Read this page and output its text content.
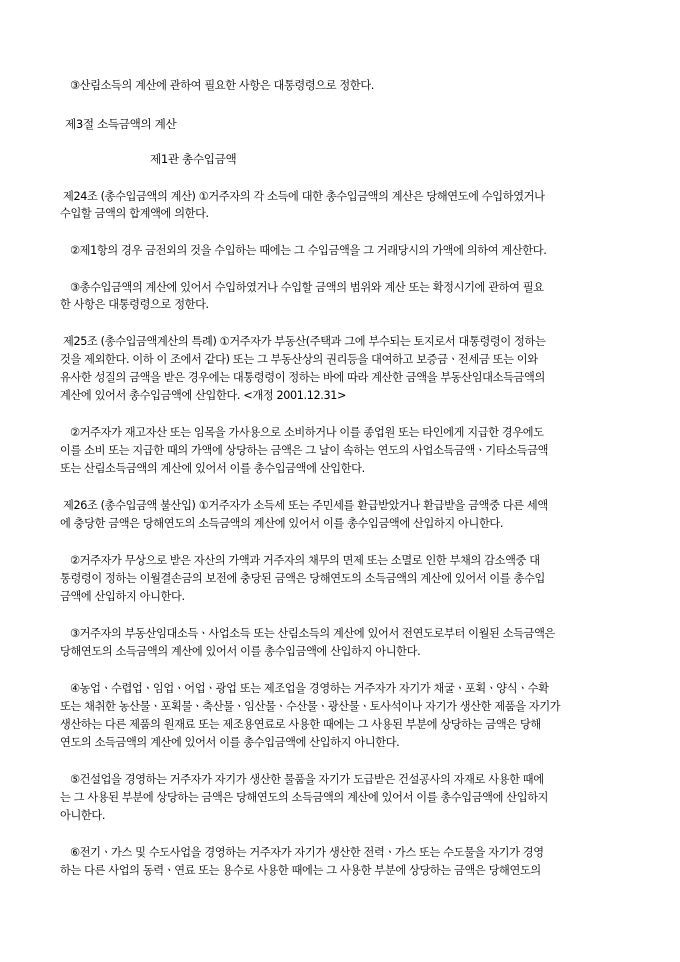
③산림소득의 계산에 관하여 필요한 사항은 대통령령으로 정한다.
제3절 소득금액의 계산
제1관 총수입금액
제24조 (총수입금액의 계산) ①거주자의 각 소득에 대한 총수입금액의 계산은 당해연도에 수입하였거나
수입할 금액의 합계액에 의한다.
②제1항의 경우 금전외의 것을 수입하는 때에는 그 수입금액을 그 거래당시의 가액에 의하여 계산한다.
③총수입금액의 계산에 있어서 수입하였거나 수입할 금액의 범위와 계산 또는 확정시기에 관하여 필요
한 사항은 대통령령으로 정한다.
제25조 (총수입금액계산의 특례) ①거주자가 부동산(주택과 그에 부수되는 토지로서 대통령령이 정하는
것을 제외한다. 이하 이 조에서 같다) 또는 그 부동산상의 권리등을 대여하고 보증금ㆍ전세금 또는 이와
유사한 성질의 금액을 받은 경우에는 대통령령이 정하는 바에 따라 계산한 금액을 부동산임대소득금액의
계산에 있어서 총수입금액에 산입한다. <개정 2001.12.31>
②거주자가 재고자산 또는 임목을 가사용으로 소비하거나 이를 종업원 또는 타인에게 지급한 경우에도
이를 소비 또는 지급한 때의 가액에 상당하는 금액은 그 날이 속하는 연도의 사업소득금액ㆍ기타소득금액
또는 산림소득금액의 계산에 있어서 이를 총수입금액에 산입한다.
제26조 (총수입금액 불산입) ①거주자가 소득세 또는 주민세를 환급받았거나 환급받을 금액중 다른 세액
에 충당한 금액은 당해연도의 소득금액의 계산에 있어서 이를 총수입금액에 산입하지 아니한다.
②거주자가 무상으로 받은 자산의 가액과 거주자의 채무의 면제 또는 소멸로 인한 부채의 감소액중 대
통령령이 정하는 이월결손금의 보전에 충당된 금액은 당해연도의 소득금액의 계산에 있어서 이를 총수입
금액에 산입하지 아니한다.
③거주자의 부동산임대소득ㆍ사업소득 또는 산림소득의 계산에 있어서 전연도로부터 이월된 소득금액은
당해연도의 소득금액의 계산에 있어서 이를 총수입금액에 산입하지 아니한다.
④농업ㆍ수렵업ㆍ임업ㆍ어업ㆍ광업 또는 제조업을 경영하는 거주자가 자기가 채굴ㆍ포획ㆍ양식ㆍ수확
또는 채취한 농산물ㆍ포획물ㆍ축산물ㆍ임산물ㆍ수산물ㆍ광산물ㆍ토사석이나 자기가 생산한 제품을 자기가
생산하는 다른 제품의 원재료 또는 제조용연료로 사용한 때에는 그 사용된 부분에 상당하는 금액은 당해
연도의 소득금액의 계산에 있어서 이를 총수입금액에 산입하지 아니한다.
⑤건설업을 경영하는 거주자가 자기가 생산한 물품을 자기가 도급받은 건설공사의 자재로 사용한 때에
는 그 사용된 부분에 상당하는 금액은 당해연도의 소득금액의 계산에 있어서 이를 총수입금액에 산입하지
아니한다.
⑥전기ㆍ가스 및 수도사업을 경영하는 거주자가 자기가 생산한 전력ㆍ가스 또는 수도물을 자기가 경영
하는 다른 사업의 동력ㆍ연료 또는 용수로 사용한 때에는 그 사용한 부분에 상당하는 금액은 당해연도의
